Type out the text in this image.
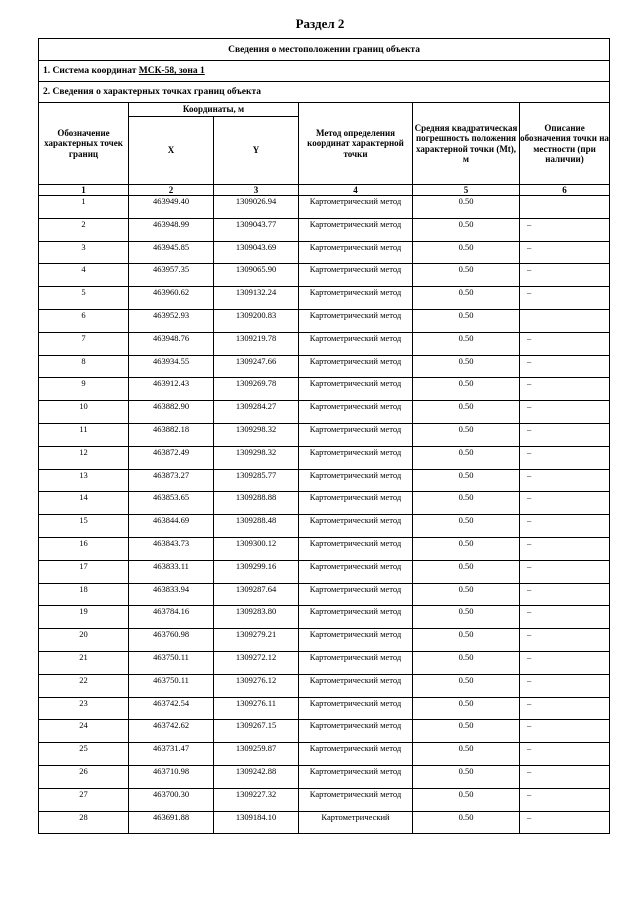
Раздел 2
Сведения о местоположении границ объекта					
1. Система координат МСК-58, зона 1					
2. Сведения о характерных точках границ объекта					
Обозначение характерных точек границ	Координаты, м		Метод определения координат характерной точки	Средняя квадратическая погрешность положения характерной точки (Mt), м	Описание обозначения точки на местности (при наличии)
	X	Y			
1	2	3	4	5	6
1	463949.40	1309026.94	Картометрический метод	0.50	
2	463948.99	1309043.77	Картометрический метод	0.50	–
3	463945.85	1309043.69	Картометрический метод	0.50	–
4	463957.35	1309065.90	Картометрический метод	0.50	–
5	463960.62	1309132.24	Картометрический метод	0.50	–
6	463952.93	1309200.83	Картометрический метод	0.50	
7	463948.76	1309219.78	Картометрический метод	0.50	–
8	463934.55	1309247.66	Картометрический метод	0.50	–
9	463912.43	1309269.78	Картометрический метод	0.50	–
10	463882.90	1309284.27	Картометрический метод	0.50	–
11	463882.18	1309298.32	Картометрический метод	0.50	–
12	463872.49	1309298.32	Картометрический метод	0.50	–
13	463873.27	1309285.77	Картометрический метод	0.50	–
14	463853.65	1309288.88	Картометрический метод	0.50	–
15	463844.69	1309288.48	Картометрический метод	0.50	–
16	463843.73	1309300.12	Картометрический метод	0.50	–
17	463833.11	1309299.16	Картометрический метод	0.50	–
18	463833.94	1309287.64	Картометрический метод	0.50	–
19	463784.16	1309283.80	Картометрический метод	0.50	–
20	463760.98	1309279.21	Картометрический метод	0.50	–
21	463750.11	1309272.12	Картометрический метод	0.50	–
22	463750.11	1309276.12	Картометрический метод	0.50	–
23	463742.54	1309276.11	Картометрический метод	0.50	–
24	463742.62	1309267.15	Картометрический метод	0.50	–
25	463731.47	1309259.87	Картометрический метод	0.50	–
26	463710.98	1309242.88	Картометрический метод	0.50	–
27	463700.30	1309227.32	Картометрический метод	0.50	–
28	463691.88	1309184.10	Картометрический	0.50	–
